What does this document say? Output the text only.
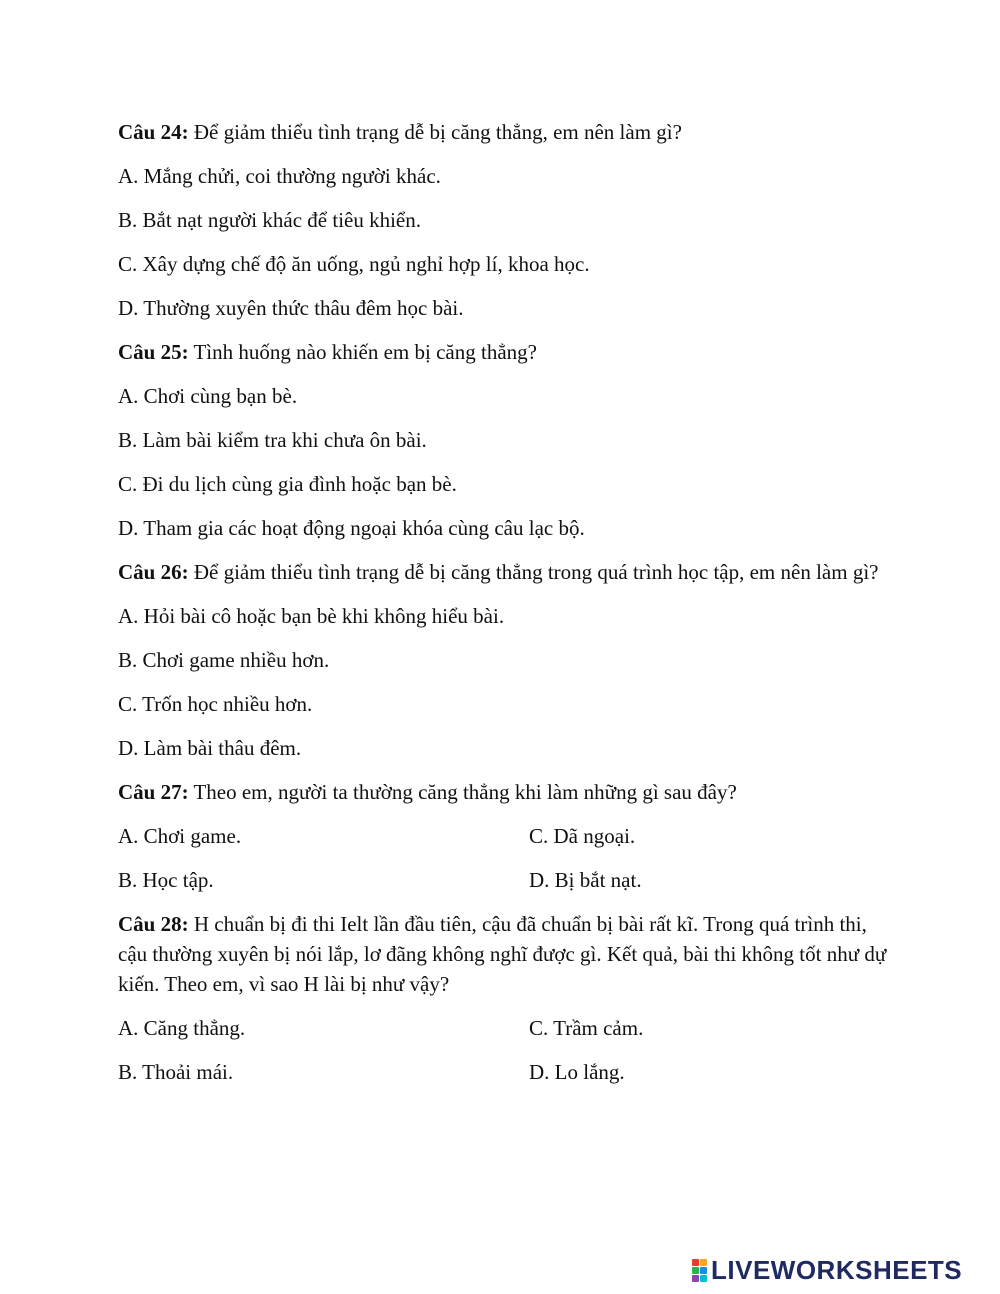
Câu 24: Để giảm thiểu tình trạng dễ bị căng thẳng, em nên làm gì?
A. Mắng chửi, coi thường người khác.
B. Bắt nạt người khác để tiêu khiển.
C. Xây dựng chế độ ăn uống, ngủ nghỉ hợp lí, khoa học.
D. Thường xuyên thức thâu đêm học bài.
Câu 25: Tình huống nào khiến em bị căng thẳng?
A. Chơi cùng bạn bè.
B. Làm bài kiểm tra khi chưa ôn bài.
C. Đi du lịch cùng gia đình hoặc bạn bè.
D. Tham gia các hoạt động ngoại khóa cùng câu lạc bộ.
Câu 26: Để giảm thiểu tình trạng dễ bị căng thẳng trong quá trình học tập, em nên làm gì?
A. Hỏi bài cô hoặc bạn bè khi không hiểu bài.
B. Chơi game nhiều hơn.
C. Trốn học nhiều hơn.
D. Làm bài thâu đêm.
Câu 27: Theo em, người ta thường căng thẳng khi làm những gì sau đây?
A. Chơi game.	C. Dã ngoại.
B. Học tập.	D. Bị bắt nạt.
Câu 28: H chuẩn bị đi thi Ielt lần đầu tiên, cậu đã chuẩn bị bài rất kĩ. Trong quá trình thi, cậu thường xuyên bị nói lắp, lơ đãng không nghĩ được gì. Kết quả, bài thi không tốt như dự kiến. Theo em, vì sao H lài bị như vậy?
A. Căng thẳng.	C. Trầm cảm.
B. Thoải mái.	D. Lo lắng.
LIVEWORKSHEETS
